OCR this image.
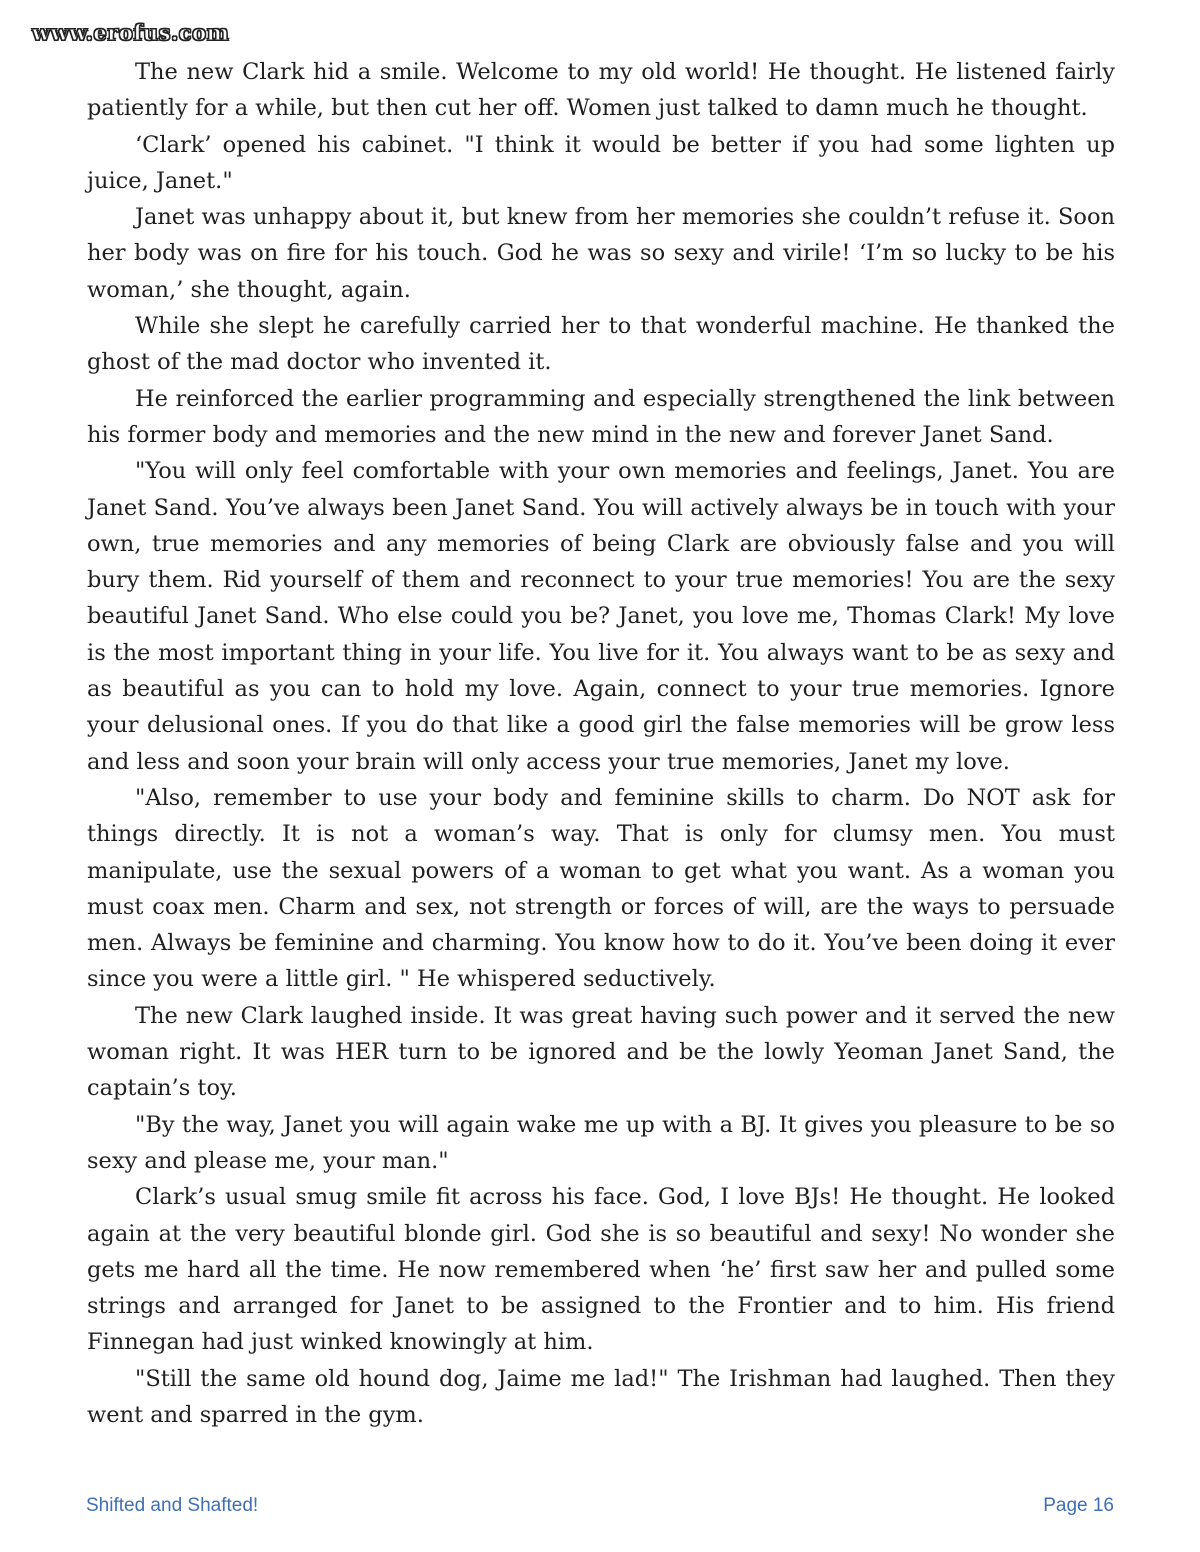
www.erofus.com

The new Clark hid a smile. Welcome to my old world! He thought. He listened fairly patiently for a while, but then cut her off. Women just talked to damn much he thought.

‘Clark’ opened his cabinet. "I think it would be better if you had some lighten up juice, Janet."

Janet was unhappy about it, but knew from her memories she couldn’t refuse it. Soon her body was on fire for his touch. God he was so sexy and virile! ‘I’m so lucky to be his woman,’ she thought, again.

While she slept he carefully carried her to that wonderful machine. He thanked the ghost of the mad doctor who invented it.

He reinforced the earlier programming and especially strengthened the link between his former body and memories and the new mind in the new and forever Janet Sand.

"You will only feel comfortable with your own memories and feelings, Janet. You are Janet Sand. You’ve always been Janet Sand. You will actively always be in touch with your own, true memories and any memories of being Clark are obviously false and you will bury them. Rid yourself of them and reconnect to your true memories! You are the sexy beautiful Janet Sand. Who else could you be? Janet, you love me, Thomas Clark! My love is the most important thing in your life. You live for it. You always want to be as sexy and as beautiful as you can to hold my love. Again, connect to your true memories. Ignore your delusional ones. If you do that like a good girl the false memories will be grow less and less and soon your brain will only access your true memories, Janet my love.

"Also, remember to use your body and feminine skills to charm. Do NOT ask for things directly. It is not a woman’s way. That is only for clumsy men. You must manipulate, use the sexual powers of a woman to get what you want. As a woman you must coax men. Charm and sex, not strength or forces of will, are the ways to persuade men. Always be feminine and charming. You know how to do it. You’ve been doing it ever since you were a little girl. " He whispered seductively.

The new Clark laughed inside. It was great having such power and it served the new woman right. It was HER turn to be ignored and be the lowly Yeoman Janet Sand, the captain’s toy.

"By the way, Janet you will again wake me up with a BJ. It gives you pleasure to be so sexy and please me, your man."

Clark’s usual smug smile fit across his face. God, I love BJs! He thought. He looked again at the very beautiful blonde girl. God she is so beautiful and sexy! No wonder she gets me hard all the time. He now remembered when ‘he’ first saw her and pulled some strings and arranged for Janet to be assigned to the Frontier and to him. His friend Finnegan had just winked knowingly at him.

"Still the same old hound dog, Jaime me lad!" The Irishman had laughed. Then they went and sparred in the gym.

Shifted and Shafted!	Page 16
